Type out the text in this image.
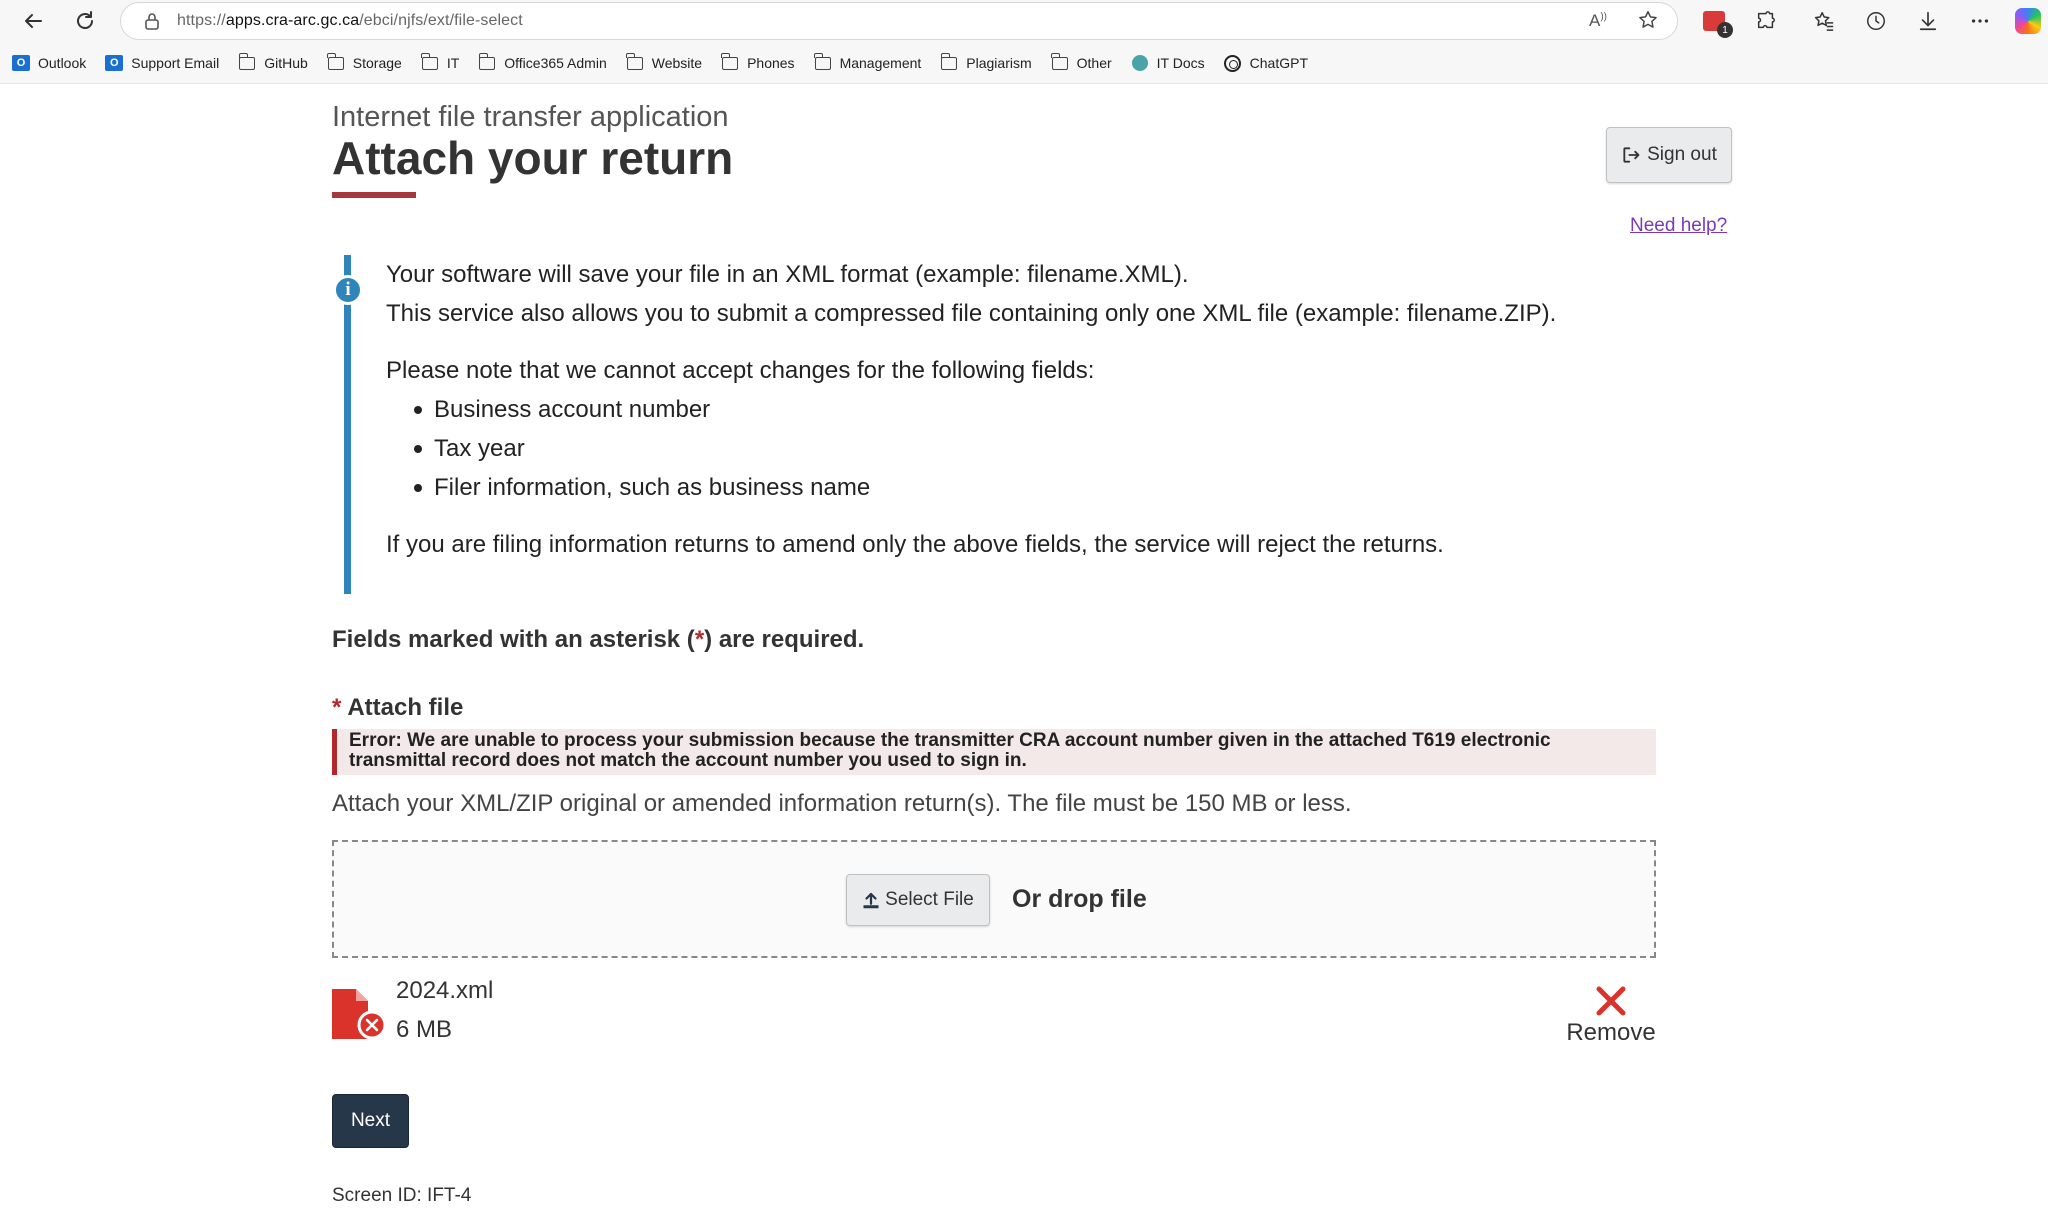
https://apps.cra-arc.gc.ca/ebci/njfs/ext/file-select	A))
1
O Outlook	O Support Email	GitHub	Storage	IT	Office365 Admin	Website	Phones	Management	Plagiarism	Other	IT Docs	ChatGPT
Internet file transfer application
Attach your return	Sign out
Need help?
i

Your software will save your file in an XML format (example: filename.XML).

This service also allows you to submit a compressed file containing only one XML file (example: filename.ZIP).

Please note that we cannot accept changes for the following fields:

Business account number
Tax year
Filer information, such as business name

If you are filing information returns to amend only the above fields, the service will reject the returns.

Fields marked with an asterisk (*) are required.
* Attach file
Error: We are unable to process your submission because the transmitter CRA account number given in the attached T619 electronic
transmittal record does not match the account number you used to sign in.
Attach your XML/ZIP original or amended information return(s). The file must be 150 MB or less.
Select File Or drop file
2024.xml
6 MB	Remove
Next
Screen ID: IFT-4
